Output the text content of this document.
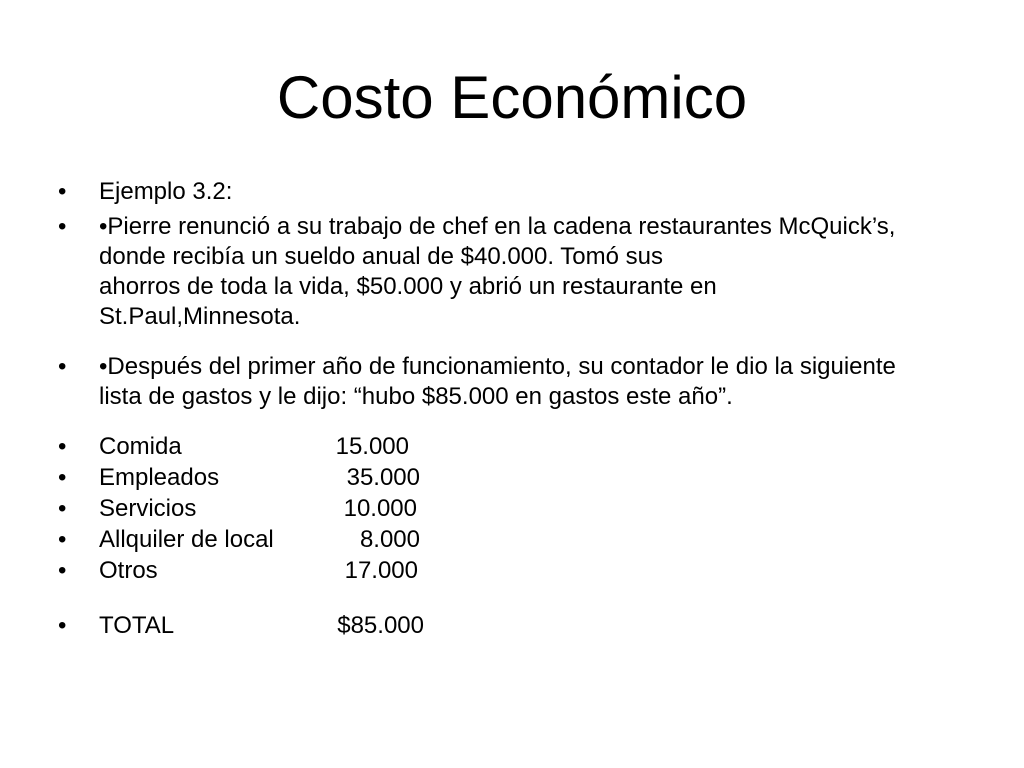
Costo Económico
•	Ejemplo 3.2:
•	•Pierre renunció a su trabajo de chef en la cadena restaurantes McQuick’s,
donde recibía un sueldo anual de $40.000. Tomó sus
ahorros de toda la vida, $50.000 y abrió un restaurante en
St.Paul,Minnesota.
•	•Después del primer año de funcionamiento, su contador le dio la siguiente
lista de gastos y le dijo: “hubo $85.000 en gastos este año”.
•	Comida	15.000
•	Empleados	35.000
•	Servicios	10.000
•	Allquiler de local	8.000
•	Otros	17.000
•	TOTAL	$85.000
